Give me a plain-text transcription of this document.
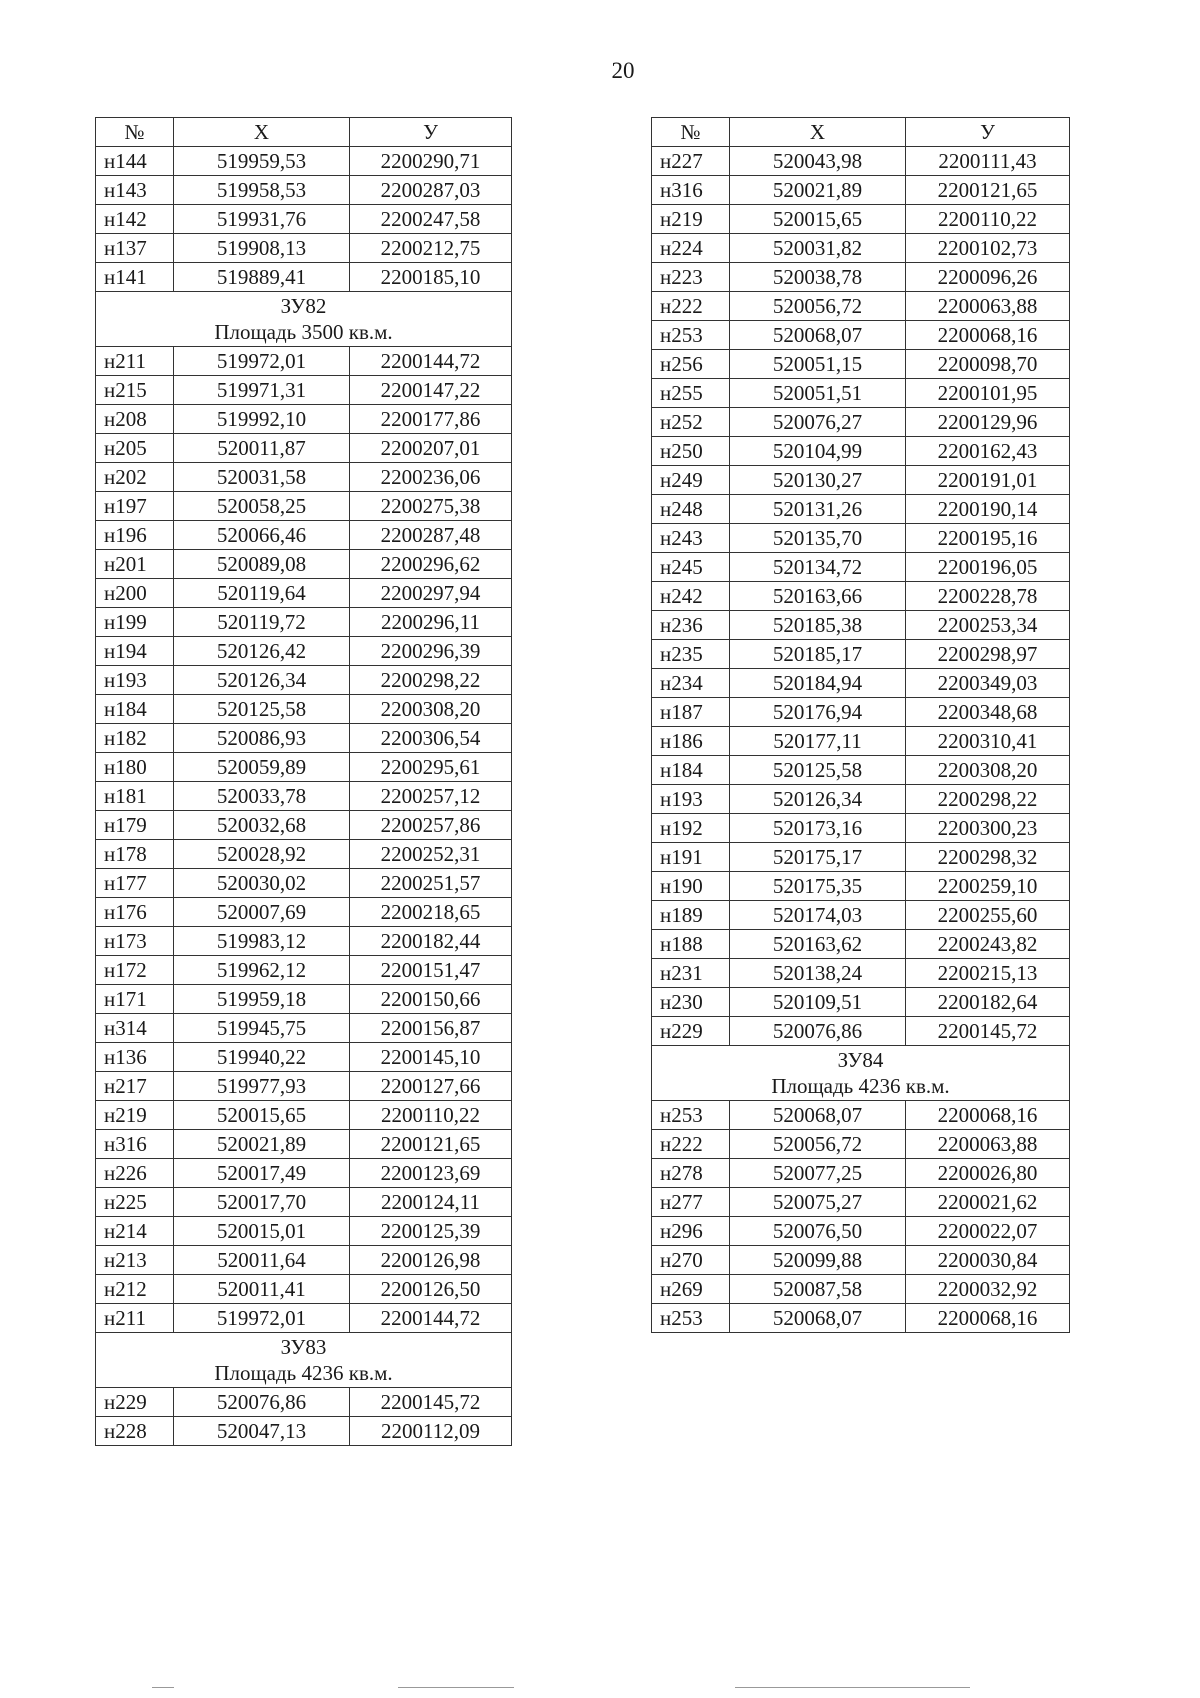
20
№	X	У
н144	519959,53	2200290,71
н143	519958,53	2200287,03
н142	519931,76	2200247,58
н137	519908,13	2200212,75
н141	519889,41	2200185,10

ЗУ82
Площадь 3500 кв.м.		

н211	519972,01	2200144,72
н215	519971,31	2200147,22
н208	519992,10	2200177,86
н205	520011,87	2200207,01
н202	520031,58	2200236,06
н197	520058,25	2200275,38
н196	520066,46	2200287,48
н201	520089,08	2200296,62
н200	520119,64	2200297,94
н199	520119,72	2200296,11
н194	520126,42	2200296,39
н193	520126,34	2200298,22
н184	520125,58	2200308,20
н182	520086,93	2200306,54
н180	520059,89	2200295,61
н181	520033,78	2200257,12
н179	520032,68	2200257,86
н178	520028,92	2200252,31
н177	520030,02	2200251,57
н176	520007,69	2200218,65
н173	519983,12	2200182,44
н172	519962,12	2200151,47
н171	519959,18	2200150,66
н314	519945,75	2200156,87
н136	519940,22	2200145,10
н217	519977,93	2200127,66
н219	520015,65	2200110,22
н316	520021,89	2200121,65
н226	520017,49	2200123,69
н225	520017,70	2200124,11
н214	520015,01	2200125,39
н213	520011,64	2200126,98
н212	520011,41	2200126,50
н211	519972,01	2200144,72

ЗУ83
Площадь 4236 кв.м.		

н229	520076,86	2200145,72
н228	520047,13	2200112,09
№	X	У
н227	520043,98	2200111,43
н316	520021,89	2200121,65
н219	520015,65	2200110,22
н224	520031,82	2200102,73
н223	520038,78	2200096,26
н222	520056,72	2200063,88
н253	520068,07	2200068,16
н256	520051,15	2200098,70
н255	520051,51	2200101,95
н252	520076,27	2200129,96
н250	520104,99	2200162,43
н249	520130,27	2200191,01
н248	520131,26	2200190,14
н243	520135,70	2200195,16
н245	520134,72	2200196,05
н242	520163,66	2200228,78
н236	520185,38	2200253,34
н235	520185,17	2200298,97
н234	520184,94	2200349,03
н187	520176,94	2200348,68
н186	520177,11	2200310,41
н184	520125,58	2200308,20
н193	520126,34	2200298,22
н192	520173,16	2200300,23
н191	520175,17	2200298,32
н190	520175,35	2200259,10
н189	520174,03	2200255,60
н188	520163,62	2200243,82
н231	520138,24	2200215,13
н230	520109,51	2200182,64
н229	520076,86	2200145,72

ЗУ84
Площадь 4236 кв.м.		

н253	520068,07	2200068,16
н222	520056,72	2200063,88
н278	520077,25	2200026,80
н277	520075,27	2200021,62
н296	520076,50	2200022,07
н270	520099,88	2200030,84
н269	520087,58	2200032,92
н253	520068,07	2200068,16
